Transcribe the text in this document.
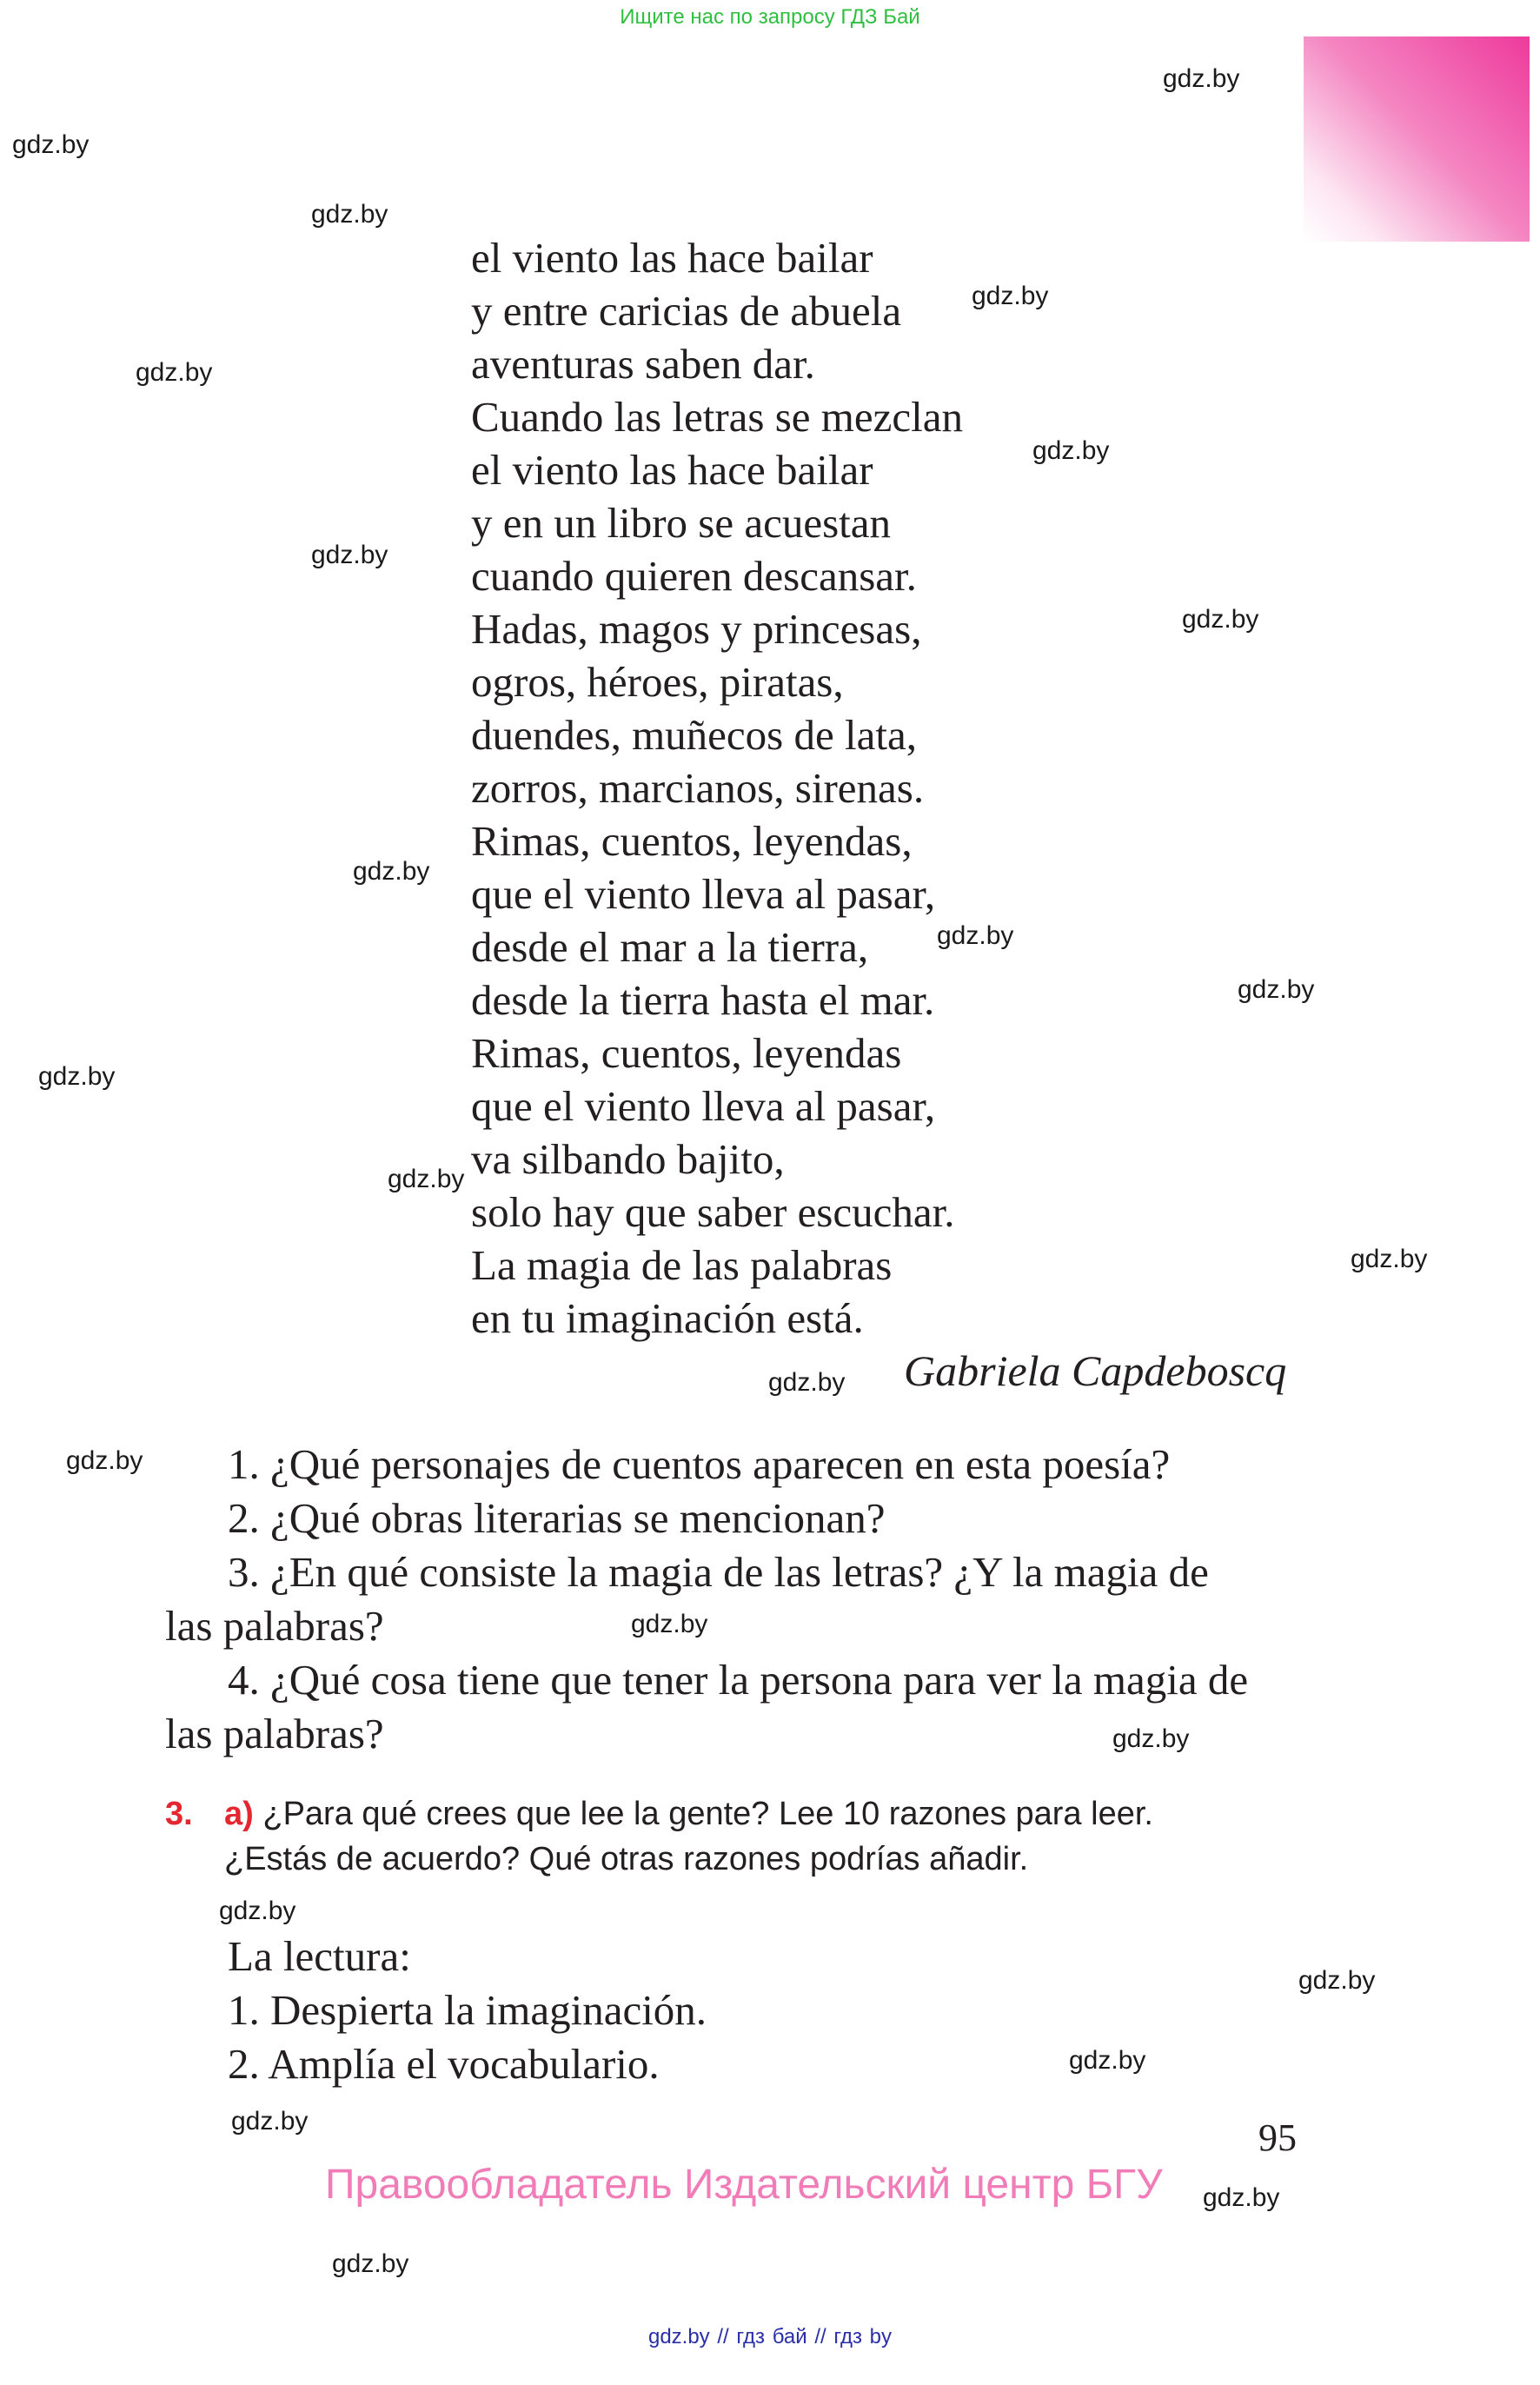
Ищите нас по запросу ГДЗ Бай
gdz.by
gdz.by
gdz.by
gdz.by
gdz.by
gdz.by
gdz.by
gdz.by
gdz.by
gdz.by
gdz.by
gdz.by
gdz.by
gdz.by
gdz.by
gdz.by
gdz.by
gdz.by
gdz.by
gdz.by
gdz.by
gdz.by
gdz.by
gdz.by
el viento las hace bailar
y entre caricias de abuela
aventuras saben dar.
Cuando las letras se mezclan
el viento las hace bailar
y en un libro se acuestan
cuando quieren descansar.
Hadas, magos y princesas,
ogros, héroes, piratas,
duendes, muñecos de lata,
zorros, marcianos, sirenas.
Rimas, cuentos, leyendas,
que el viento lleva al pasar,
desde el mar a la tierra,
desde la tierra hasta el mar.
Rimas, cuentos, leyendas
que el viento lleva al pasar,
va silbando bajito,
solo hay que saber escuchar.
La magia de las palabras
en tu imaginación está.
Gabriela Capdeboscq
1. ¿Qué personajes de cuentos aparecen en esta poesía?
2. ¿Qué obras literarias se mencionan?
3. ¿En qué consiste la magia de las letras? ¿Y la magia de
las palabras?
4. ¿Qué cosa tiene que tener la persona para ver la magia de
las palabras?
3. a) ¿Para qué crees que lee la gente? Lee 10 razones para leer.
¿Estás de acuerdo? Qué otras razones podrías añadir.
La lectura:
1. Despierta la imaginación.
2. Amplía el vocabulario.
95
Правообладатель Издательский центр БГУ
gdz.by // гдз бай // гдз by
